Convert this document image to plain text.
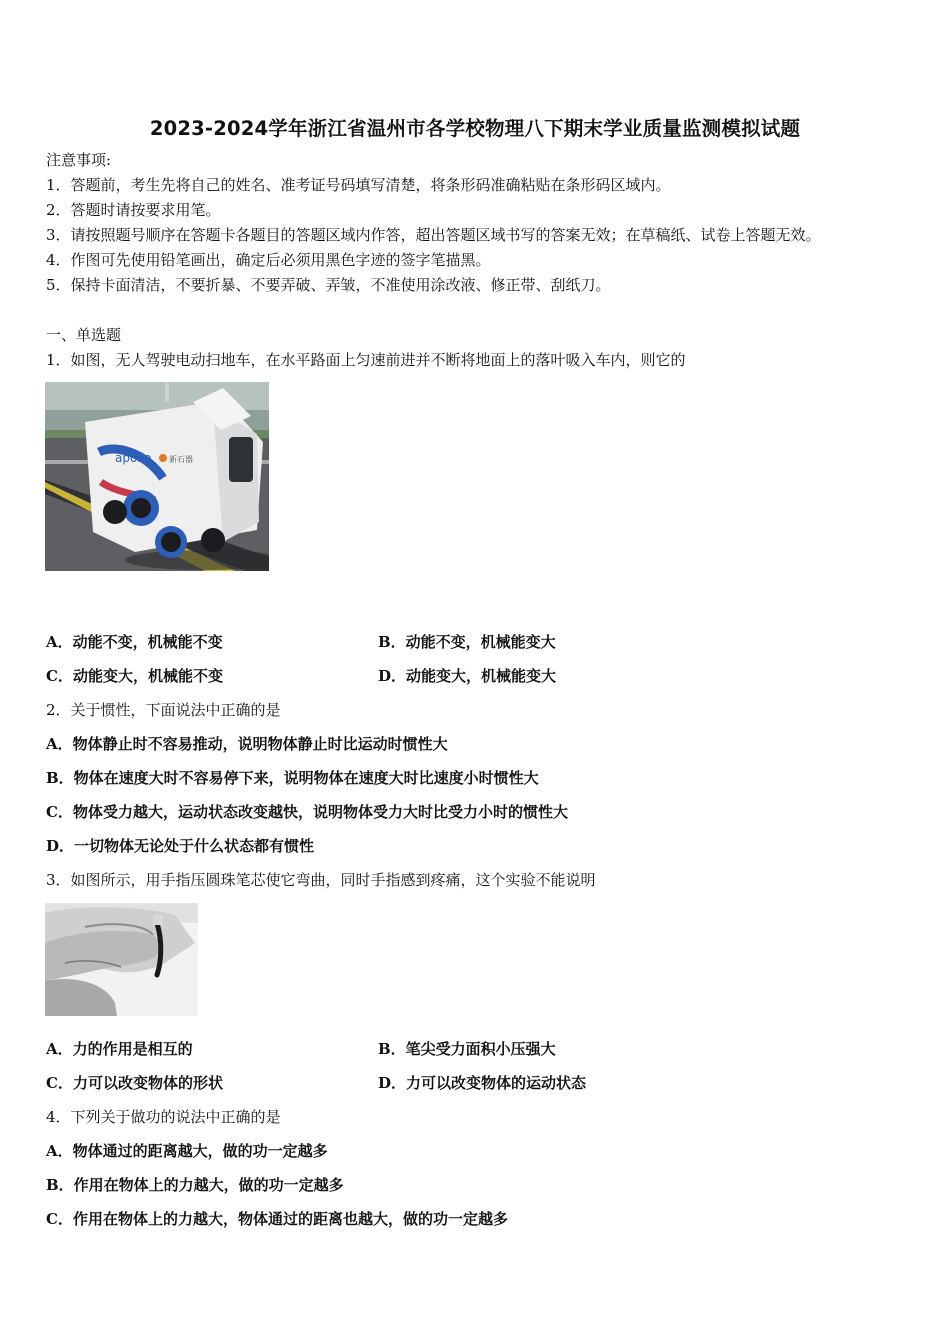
2023-2024学年浙江省温州市各学校物理八下期末学业质量监测模拟试题
注意事项:
1．答题前，考生先将自己的姓名、准考证号码填写清楚，将条形码准确粘贴在条形码区域内。
2．答题时请按要求用笔。
3．请按照题号顺序在答题卡各题目的答题区域内作答，超出答题区域书写的答案无效；在草稿纸、试卷上答题无效。
4．作图可先使用铅笔画出，确定后必须用黑色字迹的签字笔描黑。
5．保持卡面清洁，不要折暴、不要弄破、弄皱，不准使用涂改液、修正带、刮纸刀。
一、单选题
1．如图，无人驾驶电动扫地车，在水平路面上匀速前进并不断将地面上的落叶吸入车内，则它的
apollo 新石器
A．动能不变，机械能不变	B．动能不变，机械能变大
C．动能变大，机械能不变	D．动能变大，机械能变大
2．关于惯性，下面说法中正确的是
A．物体静止时不容易推动，说明物体静止时比运动时惯性大
B．物体在速度大时不容易停下来，说明物体在速度大时比速度小时惯性大
C．物体受力越大，运动状态改变越快，说明物体受力大时比受力小时的惯性大
D．一切物体无论处于什么状态都有惯性
3．如图所示，用手指压圆珠笔芯使它弯曲，同时手指感到疼痛，这个实验不能说明
A．力的作用是相互的	B．笔尖受力面积小压强大
C．力可以改变物体的形状	D．力可以改变物体的运动状态
4．下列关于做功的说法中正确的是
A．物体通过的距离越大，做的功一定越多
B．作用在物体上的力越大，做的功一定越多
C．作用在物体上的力越大，物体通过的距离也越大，做的功一定越多
